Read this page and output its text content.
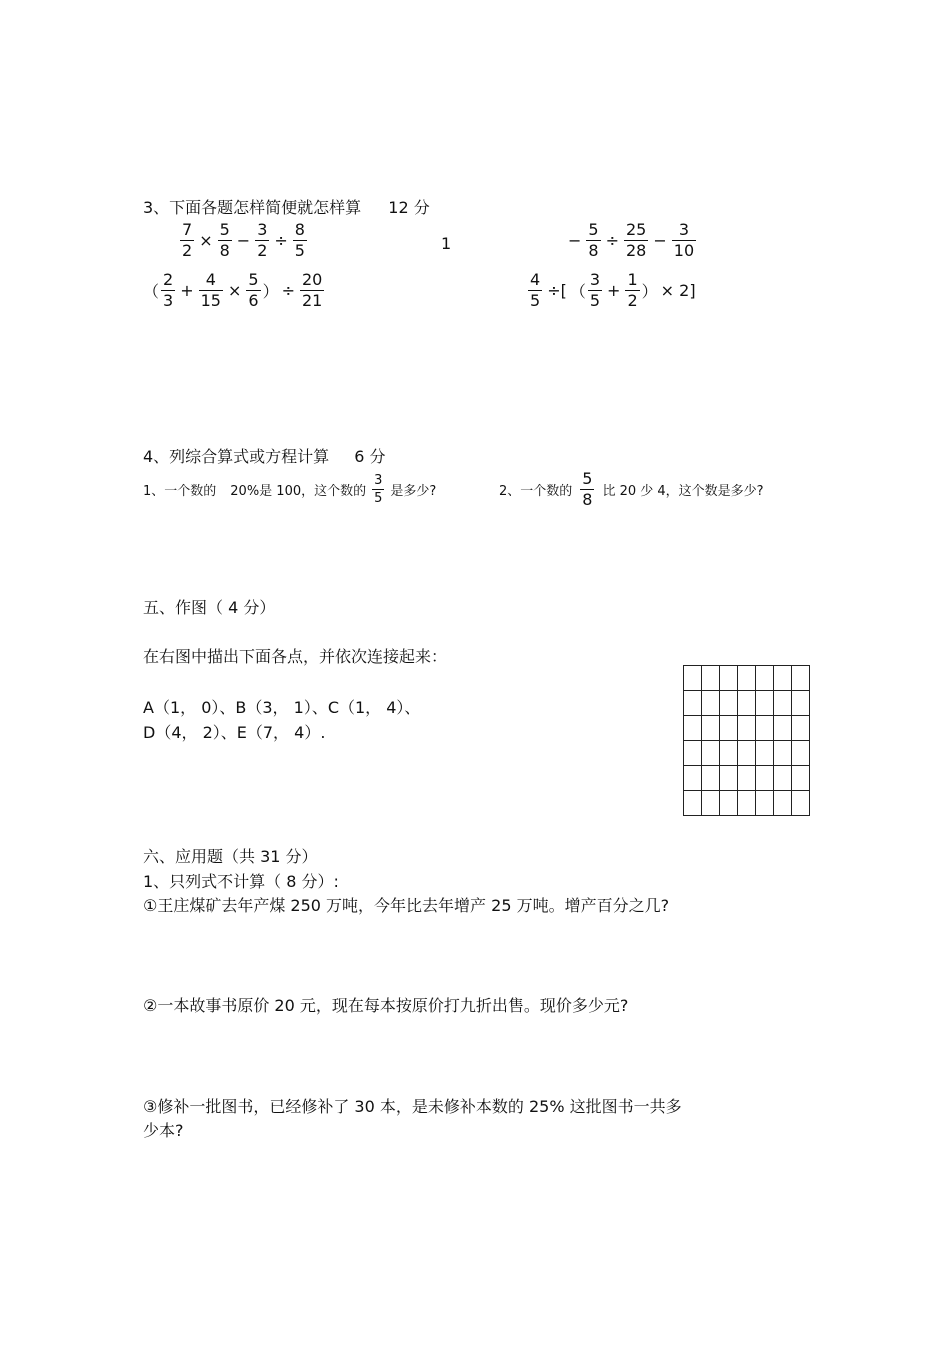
3、下面各题怎样简便就怎样算 12 分
$\frac{7}{2} \times \frac{5}{8} - \frac{3}{2} \div \frac{8}{5}$	1	− $\frac{5}{8} \div \frac{25}{28} - \frac{3}{10}$
（ $\frac{2}{3} + \frac{4}{15} \times \frac{5}{6}$ ） ÷ $\frac{20}{21}$	$\frac{4}{5}$ ÷[ （ $\frac{3}{5} + \frac{1}{2}$ ） × 2]
4、列综合算式或方程计算 6 分
1、一个数的 20%是 100，这个数的 $\frac{3}{5}$ 是多少?	2、一个数的 $\frac{5}{8}$ 比 20 少 4，这个数是多少?
五、作图（ 4 分）
在右图中描出下面各点，并依次连接起来：
A（1， 0）、B（3， 1）、C（1， 4）、
D（4， 2）、E（7， 4）.

六、应用题（共 31 分）
1、只列式不计算（ 8 分）:
①王庄煤矿去年产煤 250 万吨，今年比去年增产 25 万吨。增产百分之几?
②一本故事书原价 20 元，现在每本按原价打九折出售。现价多少元?
③修补一批图书，已经修补了 30 本，是未修补本数的 25% 这批图书一共多
少本?
